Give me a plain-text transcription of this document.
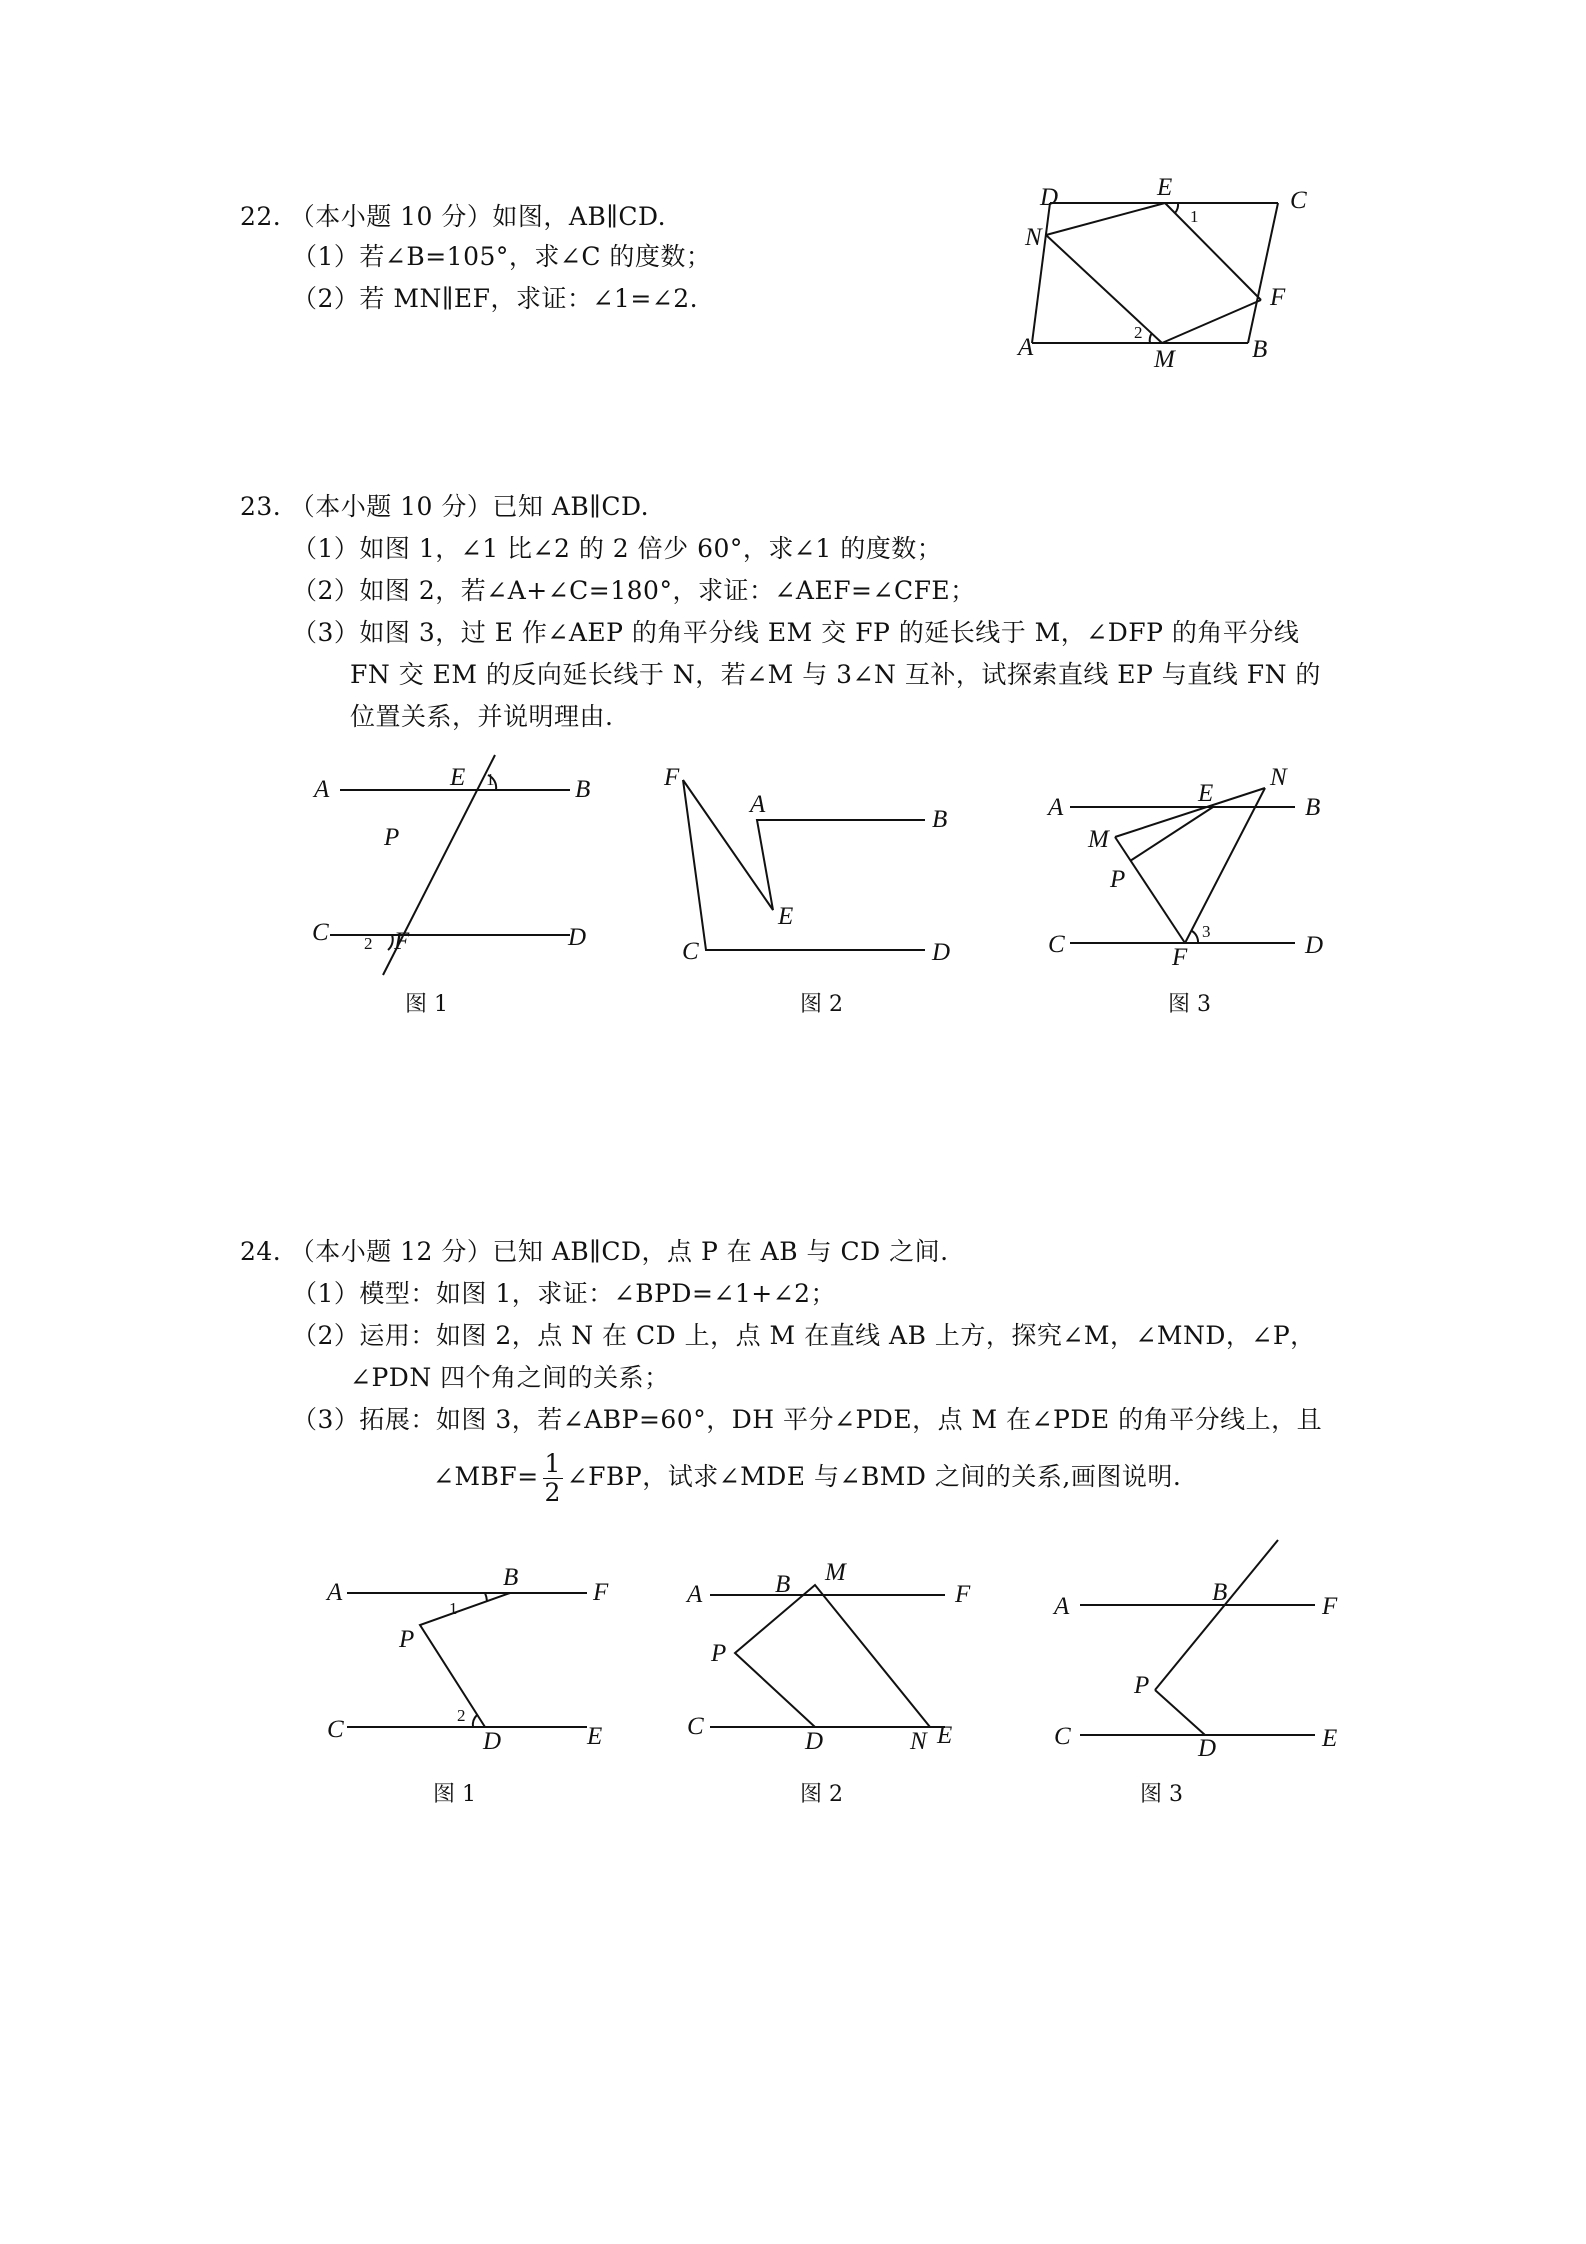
22. （本小题 10 分）如图，AB∥CD.
（1）若∠B=105°，求∠C 的度数；
（2）若 MN∥EF，求证：∠1=∠2.
D	E	C
N
F
A	M	B
1
2
23. （本小题 10 分）已知 AB∥CD.
（1）如图 1，∠1 比∠2 的 2 倍少 60°，求∠1 的度数；
（2）如图 2，若∠A+∠C=180°，求证：∠AEF=∠CFE；
（3）如图 3，过 E 作∠AEP 的角平分线 EM 交 FP 的延长线于 M，∠DFP 的角平分线
FN 交 EM 的反向延长线于 N，若∠M 与 3∠N 互补，试探索直线 EP 与直线 FN 的
位置关系，并说明理由.
A	E 1	B
P
C 2 F	D
图 1
F
A
B
E
C	D
图 2
A
E
N
B
M
P
C	F
3
D
图 3
24. （本小题 12 分）已知 AB∥CD，点 P 在 AB 与 CD 之间.
（1）模型：如图 1，求证：∠BPD=∠1+∠2；
（2）运用：如图 2，点 N 在 CD 上，点 M 在直线 AB 上方，探究∠M，∠MND，∠P，
∠PDN 四个角之间的关系；
（3）拓展：如图 3，若∠ABP=60°，DH 平分∠PDE，点 M 在∠PDE 的角平分线上，且
∠MBF= $\frac{1}{2}$ ∠FBP，试求∠MDE 与∠BMD 之间的关系,画图说明.
A
B
F
1
P
2
C	D	E
图 1
A	B M
F
P
C
D	N E
图 2
A
B
F
P
C	D	E
图 3
